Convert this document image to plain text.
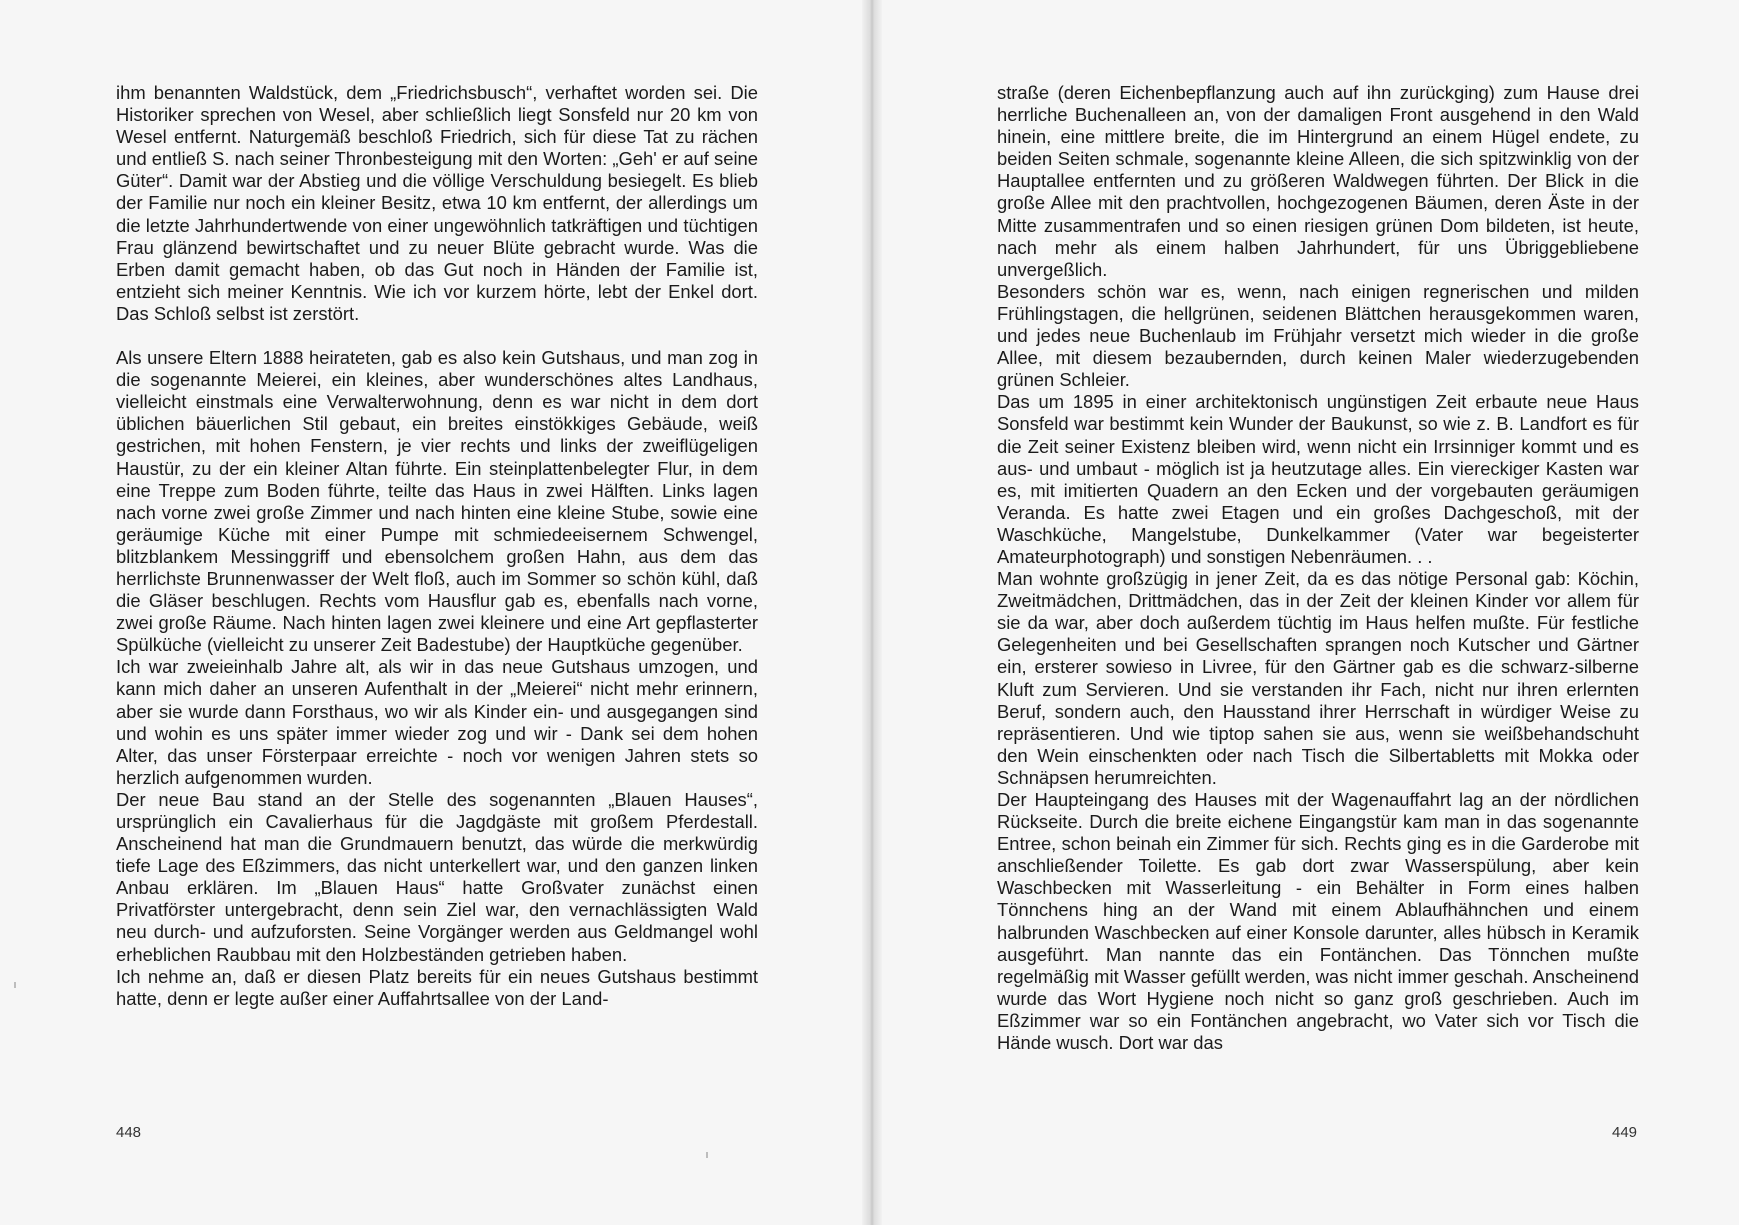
ihm benannten Waldstück, dem „Friedrichsbusch“, verhaftet worden sei. Die Historiker sprechen von Wesel, aber schließlich liegt Sonsfeld nur 20 km von Wesel entfernt. Naturgemäß beschloß Friedrich, sich für diese Tat zu rächen und entließ S. nach seiner Thronbesteigung mit den Worten: „Geh' er auf seine Güter“. Damit war der Abstieg und die völlige Verschuldung besiegelt. Es blieb der Familie nur noch ein kleiner Besitz, etwa 10 km entfernt, der allerdings um die letzte Jahrhundertwende von einer ungewöhnlich tatkräftigen und tüchtigen Frau glänzend bewirtschaftet und zu neuer Blüte gebracht wurde. Was die Erben damit gemacht haben, ob das Gut noch in Händen der Familie ist, entzieht sich meiner Kenntnis. Wie ich vor kurzem hörte, lebt der Enkel dort. Das Schloß selbst ist zerstört.

Als unsere Eltern 1888 heirateten, gab es also kein Gutshaus, und man zog in die sogenannte Meierei, ein kleines, aber wunderschönes altes Landhaus, vielleicht einstmals eine Verwalterwohnung, denn es war nicht in dem dort üblichen bäuerlichen Stil gebaut, ein breites einstökkiges Gebäude, weiß gestrichen, mit hohen Fenstern, je vier rechts und links der zweiflügeligen Haustür, zu der ein kleiner Altan führte. Ein steinplattenbelegter Flur, in dem eine Treppe zum Boden führte, teilte das Haus in zwei Hälften. Links lagen nach vorne zwei große Zimmer und nach hinten eine kleine Stube, sowie eine geräumige Küche mit einer Pumpe mit schmiedeeisernem Schwengel, blitzblankem Messinggriff und ebensolchem großen Hahn, aus dem das herrlichste Brunnenwasser der Welt floß, auch im Sommer so schön kühl, daß die Gläser beschlugen. Rechts vom Hausflur gab es, ebenfalls nach vorne, zwei große Räume. Nach hinten lagen zwei kleinere und eine Art gepflasterter Spülküche (vielleicht zu unserer Zeit Badestube) der Hauptküche gegenüber.

Ich war zweieinhalb Jahre alt, als wir in das neue Gutshaus umzogen, und kann mich daher an unseren Aufenthalt in der „Meierei“ nicht mehr erinnern, aber sie wurde dann Forsthaus, wo wir als Kinder ein- und ausgegangen sind und wohin es uns später immer wieder zog und wir - Dank sei dem hohen Alter, das unser Försterpaar erreichte - noch vor wenigen Jahren stets so herzlich aufgenommen wurden.

Der neue Bau stand an der Stelle des sogenannten „Blauen Hauses“, ursprünglich ein Cavalierhaus für die Jagdgäste mit großem Pferdestall. Anscheinend hat man die Grundmauern benutzt, das würde die merkwürdig tiefe Lage des Eßzimmers, das nicht unterkellert war, und den ganzen linken Anbau erklären. Im „Blauen Haus“ hatte Großvater zunächst einen Privatförster untergebracht, denn sein Ziel war, den vernachlässigten Wald neu durch- und aufzuforsten. Seine Vorgänger werden aus Geldmangel wohl erheblichen Raubbau mit den Holzbeständen getrieben haben.

Ich nehme an, daß er diesen Platz bereits für ein neues Gutshaus bestimmt hatte, denn er legte außer einer Auffahrtsallee von der Land-

448

straße (deren Eichenbepflanzung auch auf ihn zurückging) zum Hause drei herrliche Buchenalleen an, von der damaligen Front ausgehend in den Wald hinein, eine mittlere breite, die im Hintergrund an einem Hügel endete, zu beiden Seiten schmale, sogenannte kleine Alleen, die sich spitzwinklig von der Hauptallee entfernten und zu größeren Waldwegen führten. Der Blick in die große Allee mit den prachtvollen, hochgezogenen Bäumen, deren Äste in der Mitte zusammentrafen und so einen riesigen grünen Dom bildeten, ist heute, nach mehr als einem halben Jahrhundert, für uns Übriggebliebene unvergeßlich.

Besonders schön war es, wenn, nach einigen regnerischen und milden Frühlingstagen, die hellgrünen, seidenen Blättchen herausgekommen waren, und jedes neue Buchenlaub im Frühjahr versetzt mich wieder in die große Allee, mit diesem bezaubernden, durch keinen Maler wiederzugebenden grünen Schleier.

Das um 1895 in einer architektonisch ungünstigen Zeit erbaute neue Haus Sonsfeld war bestimmt kein Wunder der Baukunst, so wie z. B. Landfort es für die Zeit seiner Existenz bleiben wird, wenn nicht ein Irrsinniger kommt und es aus- und umbaut - möglich ist ja heutzutage alles. Ein viereckiger Kasten war es, mit imitierten Quadern an den Ecken und der vorgebauten geräumigen Veranda. Es hatte zwei Etagen und ein großes Dachgeschoß, mit der Waschküche, Mangelstube, Dunkelkammer (Vater war begeisterter Amateurphotograph) und sonstigen Nebenräumen. . .

Man wohnte großzügig in jener Zeit, da es das nötige Personal gab: Köchin, Zweitmädchen, Drittmädchen, das in der Zeit der kleinen Kinder vor allem für sie da war, aber doch außerdem tüchtig im Haus helfen mußte. Für festliche Gelegenheiten und bei Gesellschaften sprangen noch Kutscher und Gärtner ein, ersterer sowieso in Livree, für den Gärtner gab es die schwarz-silberne Kluft zum Servieren. Und sie verstanden ihr Fach, nicht nur ihren erlernten Beruf, sondern auch, den Hausstand ihrer Herrschaft in würdiger Weise zu repräsentieren. Und wie tiptop sahen sie aus, wenn sie weißbehandschuht den Wein einschenkten oder nach Tisch die Silbertabletts mit Mokka oder Schnäpsen herumreichten.

Der Haupteingang des Hauses mit der Wagenauffahrt lag an der nördlichen Rückseite. Durch die breite eichene Eingangstür kam man in das sogenannte Entree, schon beinah ein Zimmer für sich. Rechts ging es in die Garderobe mit anschließender Toilette. Es gab dort zwar Wasserspülung, aber kein Waschbecken mit Wasserleitung - ein Behälter in Form eines halben Tönnchens hing an der Wand mit einem Ablaufhähnchen und einem halbrunden Waschbecken auf einer Konsole darunter, alles hübsch in Keramik ausgeführt. Man nannte das ein Fontänchen. Das Tönnchen mußte regelmäßig mit Wasser gefüllt werden, was nicht immer geschah. Anscheinend wurde das Wort Hygiene noch nicht so ganz groß geschrieben. Auch im Eßzimmer war so ein Fontänchen angebracht, wo Vater sich vor Tisch die Hände wusch. Dort war das

449
